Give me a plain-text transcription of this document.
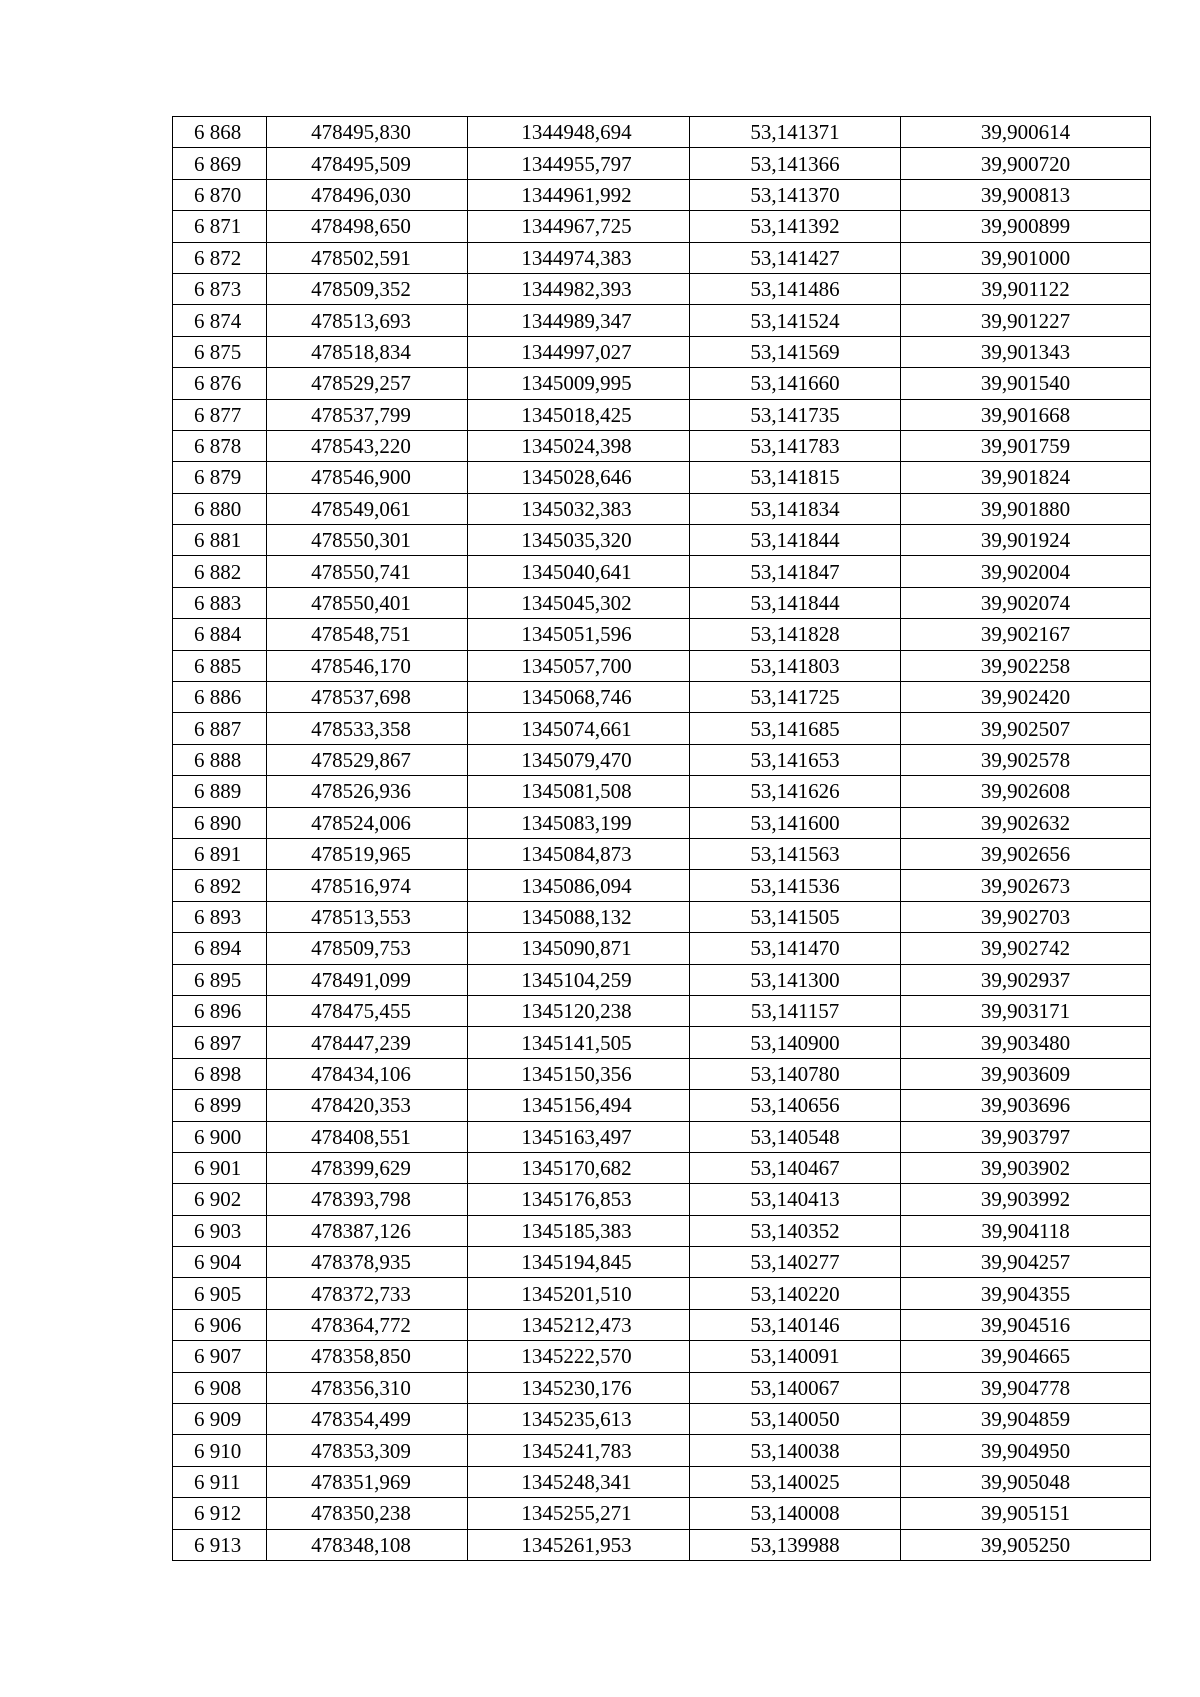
6 868	478495,830	1344948,694	53,141371	39,900614
6 869	478495,509	1344955,797	53,141366	39,900720
6 870	478496,030	1344961,992	53,141370	39,900813
6 871	478498,650	1344967,725	53,141392	39,900899
6 872	478502,591	1344974,383	53,141427	39,901000
6 873	478509,352	1344982,393	53,141486	39,901122
6 874	478513,693	1344989,347	53,141524	39,901227
6 875	478518,834	1344997,027	53,141569	39,901343
6 876	478529,257	1345009,995	53,141660	39,901540
6 877	478537,799	1345018,425	53,141735	39,901668
6 878	478543,220	1345024,398	53,141783	39,901759
6 879	478546,900	1345028,646	53,141815	39,901824
6 880	478549,061	1345032,383	53,141834	39,901880
6 881	478550,301	1345035,320	53,141844	39,901924
6 882	478550,741	1345040,641	53,141847	39,902004
6 883	478550,401	1345045,302	53,141844	39,902074
6 884	478548,751	1345051,596	53,141828	39,902167
6 885	478546,170	1345057,700	53,141803	39,902258
6 886	478537,698	1345068,746	53,141725	39,902420
6 887	478533,358	1345074,661	53,141685	39,902507
6 888	478529,867	1345079,470	53,141653	39,902578
6 889	478526,936	1345081,508	53,141626	39,902608
6 890	478524,006	1345083,199	53,141600	39,902632
6 891	478519,965	1345084,873	53,141563	39,902656
6 892	478516,974	1345086,094	53,141536	39,902673
6 893	478513,553	1345088,132	53,141505	39,902703
6 894	478509,753	1345090,871	53,141470	39,902742
6 895	478491,099	1345104,259	53,141300	39,902937
6 896	478475,455	1345120,238	53,141157	39,903171
6 897	478447,239	1345141,505	53,140900	39,903480
6 898	478434,106	1345150,356	53,140780	39,903609
6 899	478420,353	1345156,494	53,140656	39,903696
6 900	478408,551	1345163,497	53,140548	39,903797
6 901	478399,629	1345170,682	53,140467	39,903902
6 902	478393,798	1345176,853	53,140413	39,903992
6 903	478387,126	1345185,383	53,140352	39,904118
6 904	478378,935	1345194,845	53,140277	39,904257
6 905	478372,733	1345201,510	53,140220	39,904355
6 906	478364,772	1345212,473	53,140146	39,904516
6 907	478358,850	1345222,570	53,140091	39,904665
6 908	478356,310	1345230,176	53,140067	39,904778
6 909	478354,499	1345235,613	53,140050	39,904859
6 910	478353,309	1345241,783	53,140038	39,904950
6 911	478351,969	1345248,341	53,140025	39,905048
6 912	478350,238	1345255,271	53,140008	39,905151
6 913	478348,108	1345261,953	53,139988	39,905250
